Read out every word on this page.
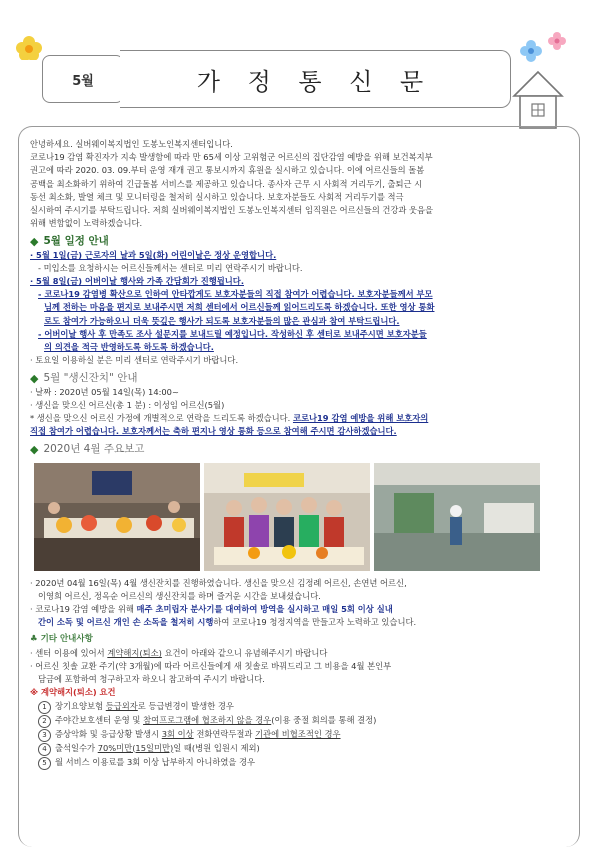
5월	가 정 통 신 문

안녕하세요. 실버웨이복지법인 도봉노인복지센터입니다.

코로나19 감염 확진자가 지속 발생함에 따라 만 65세 이상 고위험군 어르신의 집단감염 예방을 위해 보건복지부

권고에 따라 2020. 03. 09.부터 운영 재개 권고 통보시까지 휴원을 실시하고 있습니다. 이에 어르신들의 돌봄

공백을 최소화하기 위하여 긴급돌봄 서비스를 제공하고 있습니다. 종사자 근무 시 사회적 거리두기, 출퇴근 시

동선 최소화, 발열 체크 및 모니터링을 철저히 실시하고 있습니다. 보호자분들도 사회적 거리두기를 적극

실시하여 주시기를 부탁드립니다. 저희 실버웨이복지법인 도봉노인복지센터 임직원은 어르신들의 건강과 웃음을

위해 변함없이 노력하겠습니다.

◆ 5월 일정 안내

· 5월 1일(금) 근로자의 날과 5일(화) 어린이날은 정상 운영합니다.

- 미입소를 요청하시는 어르신들께서는 센터로 미리 연락주시기 바랍니다.

· 5월 8일(금) 어버이날 행사와 가족 간담회가 진행됩니다.

- 코로나19 감염병 확산으로 인하여 안타깝게도 보호자분들의 직접 참여가 어렵습니다. 보호자분들께서 부모

님께 전하는 마음을 편지로 보내주시면 저희 센터에서 어르신들께 읽어드리도록 하겠습니다. 또한 영상 통화

로도 참여가 가능하오니 더욱 뜻깊은 행사가 되도록 보호자분들의 많은 관심과 참여 부탁드립니다.

- 어버이날 행사 후 만족도 조사 설문지를 보내드릴 예정입니다. 작성하신 후 센터로 보내주시면 보호자분들

의 의견을 적극 반영하도록 하도록 하겠습니다.

· 토요일 이용하실 분은 미리 센터로 연락주시기 바랍니다.

◆ 5월 "생신잔치" 안내

· 날짜 : 2020년 05월 14일(목) 14:00~

· 생신을 맞으신 어르신(총 1 분) : 이성임 어르신(5월)

* 생신을 맞으신 어르신 가정에 개별적으로 연락을 드리도록 하겠습니다. 코로나19 감염 예방을 위해 보호자의

직접 참여가 어렵습니다. 보호자께서는 축하 편지나 영상 통화 등으로 참여해 주시면 감사하겠습니다.

◆ 2020년 4월 주요보고

· 2020년 04월 16일(목) 4월 생신잔치를 진행하였습니다. 생신을 맞으신 김정례 어르신, 손연년 어르신,

이영희 어르신, 정옥순 어르신의 생신잔치를 하며 즐거운 시간을 보내셨습니다.

· 코로나19 감염 예방을 위해 매주 초미립자 분사기를 대여하여 방역을 실시하고 매일 5회 이상 실내

간이 소독 및 어르신 개인 손 소독을 철저히 시행하여 코로나19 청정지역을 만들고자 노력하고 있습니다.

♣ 기타 안내사항

· 센터 이용에 있어서 계약해지(퇴소) 요건이 아래와 같으니 유념해주시기 바랍니다

· 어르신 칫솔 교환 주기(약 3개월)에 따라 어르신들에게 새 칫솔로 바꿔드리고 그 비용을 4월 본인부

담금에 포함하여 청구하고자 하오니 참고하여 주시기 바랍니다.

※ 계약해지(퇴소) 요건

1 장기요양보험 등급외자로 등급변경이 발생한 경우

2 주야간보호센터 운영 및 참여프로그램에 협조하지 않을 경우(이용 중절 회의를 통해 결정)

3 증상악화 및 응급상황 발생시 3회 이상 전화연락두절과 기관에 비협조적인 경우

4 출석일수가 70%미만(15일미만)일 때(병원 입원시 제외)

5 월 서비스 이용료를 3회 이상 납부하지 아니하였을 경우
